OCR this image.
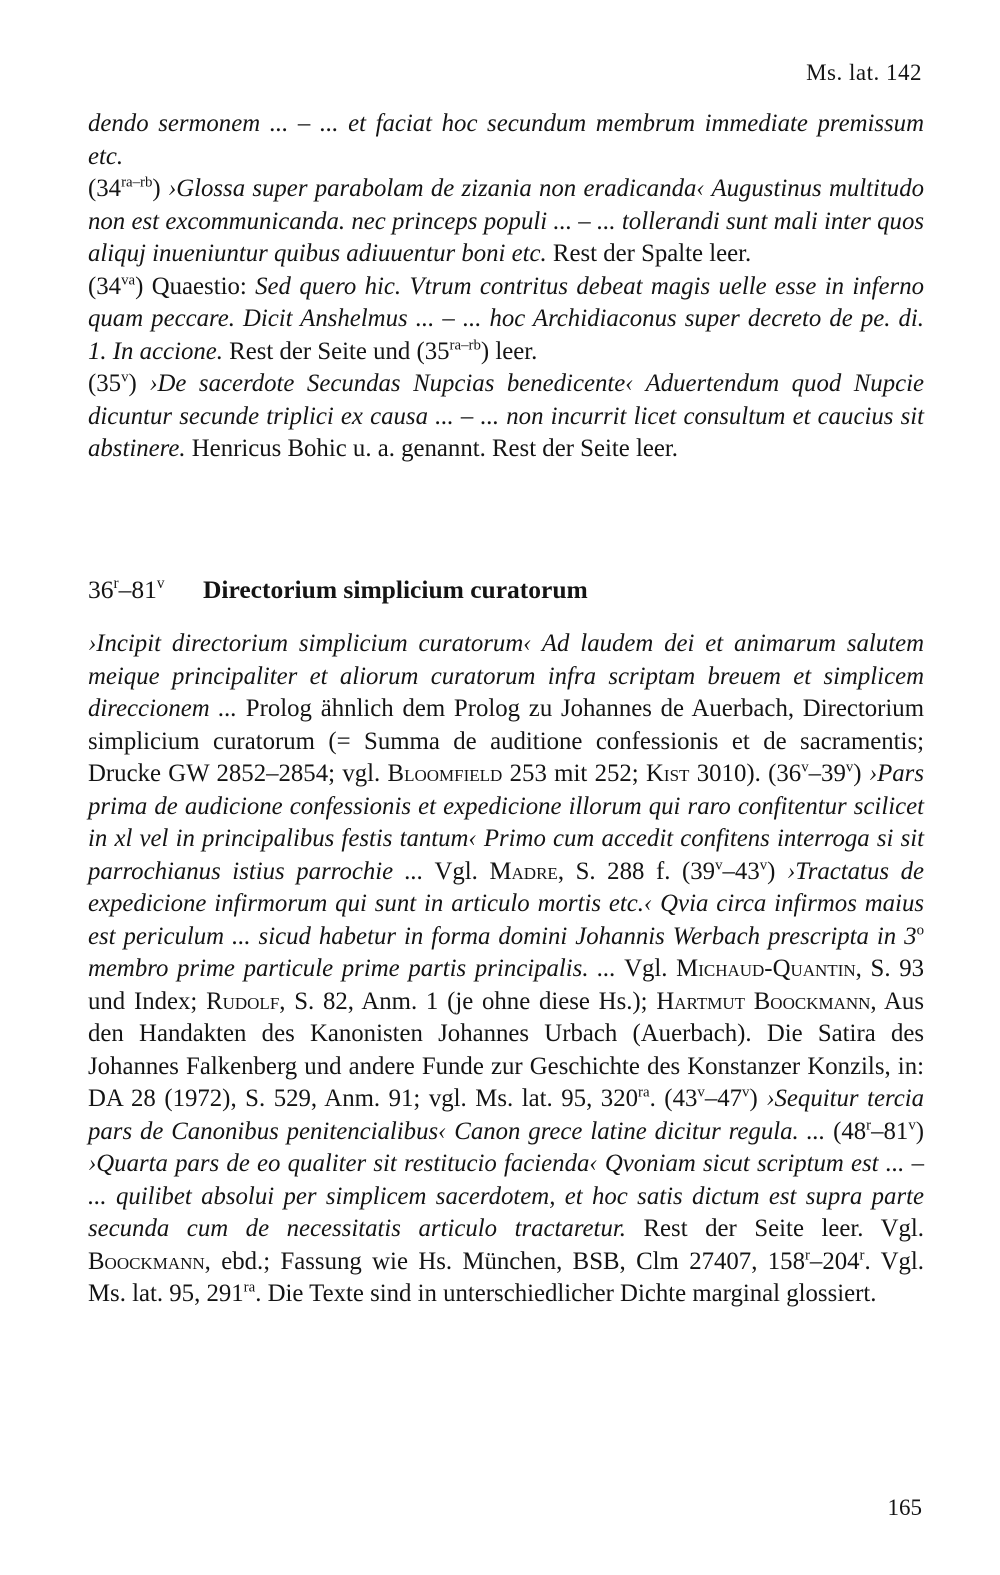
Ms. lat. 142

dendo sermonem ... – ... et faciat hoc secundum membrum immediate premissum etc.

$(34^{ra-rb})$ ›Glossa super parabolam de zizania non eradicanda‹ Augustinus multitudo non est excommunicanda. nec princeps populi ... – ... tollerandi sunt mali inter quos aliquj inueniuntur quibus adiuuentur boni etc. Rest der Spalte leer.

$(34^{va})$ Quaestio: Sed quero hic. Vtrum contritus debeat magis uelle esse in inferno quam peccare. Dicit Anshelmus ... – ... hoc Archidiaconus super decreto de pe. di. 1. In accione. Rest der Seite und $(35^{ra-rb})$ leer.

(35$^v$) ›De sacerdote Secundas Nupcias benedicente‹ Aduertendum quod Nupcie dicuntur secunde triplici ex causa ... – ... non incurrit licet consultum et caucius sit abstinere. Henricus Bohic u. a. genannt. Rest der Seite leer.

36$^r$–81$^v$ Directorium simplicium curatorum

›Incipit directorium simplicium curatorum‹ Ad laudem dei et animarum salutem meique principaliter et aliorum curatorum infra scriptam breuem et simplicem direccionem ... Prolog ähnlich dem Prolog zu Johannes de Auerbach, Directorium simplicium curatorum (= Summa de auditione confessionis et de sacramentis; Drucke GW 2852–2854; vgl. Bloomfield 253 mit 252; Kist 3010). (36$^v$–39$^v$) ›Pars prima de audicione confessionis et expedicione illorum qui raro confitentur scilicet in xl vel in principalibus festis tantum‹ Primo cum accedit confitens interroga si sit parrochianus istius parrochie ... Vgl. Madre, S. 288 f. (39$^v$–43$^v$) ›Tractatus de expedicione infirmorum qui sunt in articulo mortis etc.‹ Qvia circa infirmos maius est periculum ... sicud habetur in forma domini Johannis Werbach prescripta in 3$^o$ membro prime particule prime partis principalis. ... Vgl. Michaud-Quantin, S. 93 und Index; Rudolf, S. 82, Anm. 1 (je ohne diese Hs.); Hartmut Boockmann, Aus den Handakten des Kanonisten Johannes Urbach (Auerbach). Die Satira des Johannes Falkenberg und andere Funde zur Geschichte des Konstanzer Konzils, in: DA 28 (1972), S. 529, Anm. 91; vgl. Ms. lat. 95, $320^{ra}$. (43$^v$–47$^v$) ›Sequitur tercia pars de Canonibus penitencialibus‹ Canon grece latine dicitur regula. ... (48$^r$–81$^v$) ›Quarta pars de eo qualiter sit restitucio facienda‹ Qvoniam sicut scriptum est ... – ... quilibet absolui per simplicem sacerdotem, et hoc satis dictum est supra parte secunda cum de necessitatis articulo tractaretur. Rest der Seite leer. Vgl. Boockmann, ebd.; Fassung wie Hs. München, BSB, Clm 27407, 158$^r$–204$^r$. Vgl. Ms. lat. 95, $291^{ra}$. Die Texte sind in unterschiedlicher Dichte marginal glossiert.

165
